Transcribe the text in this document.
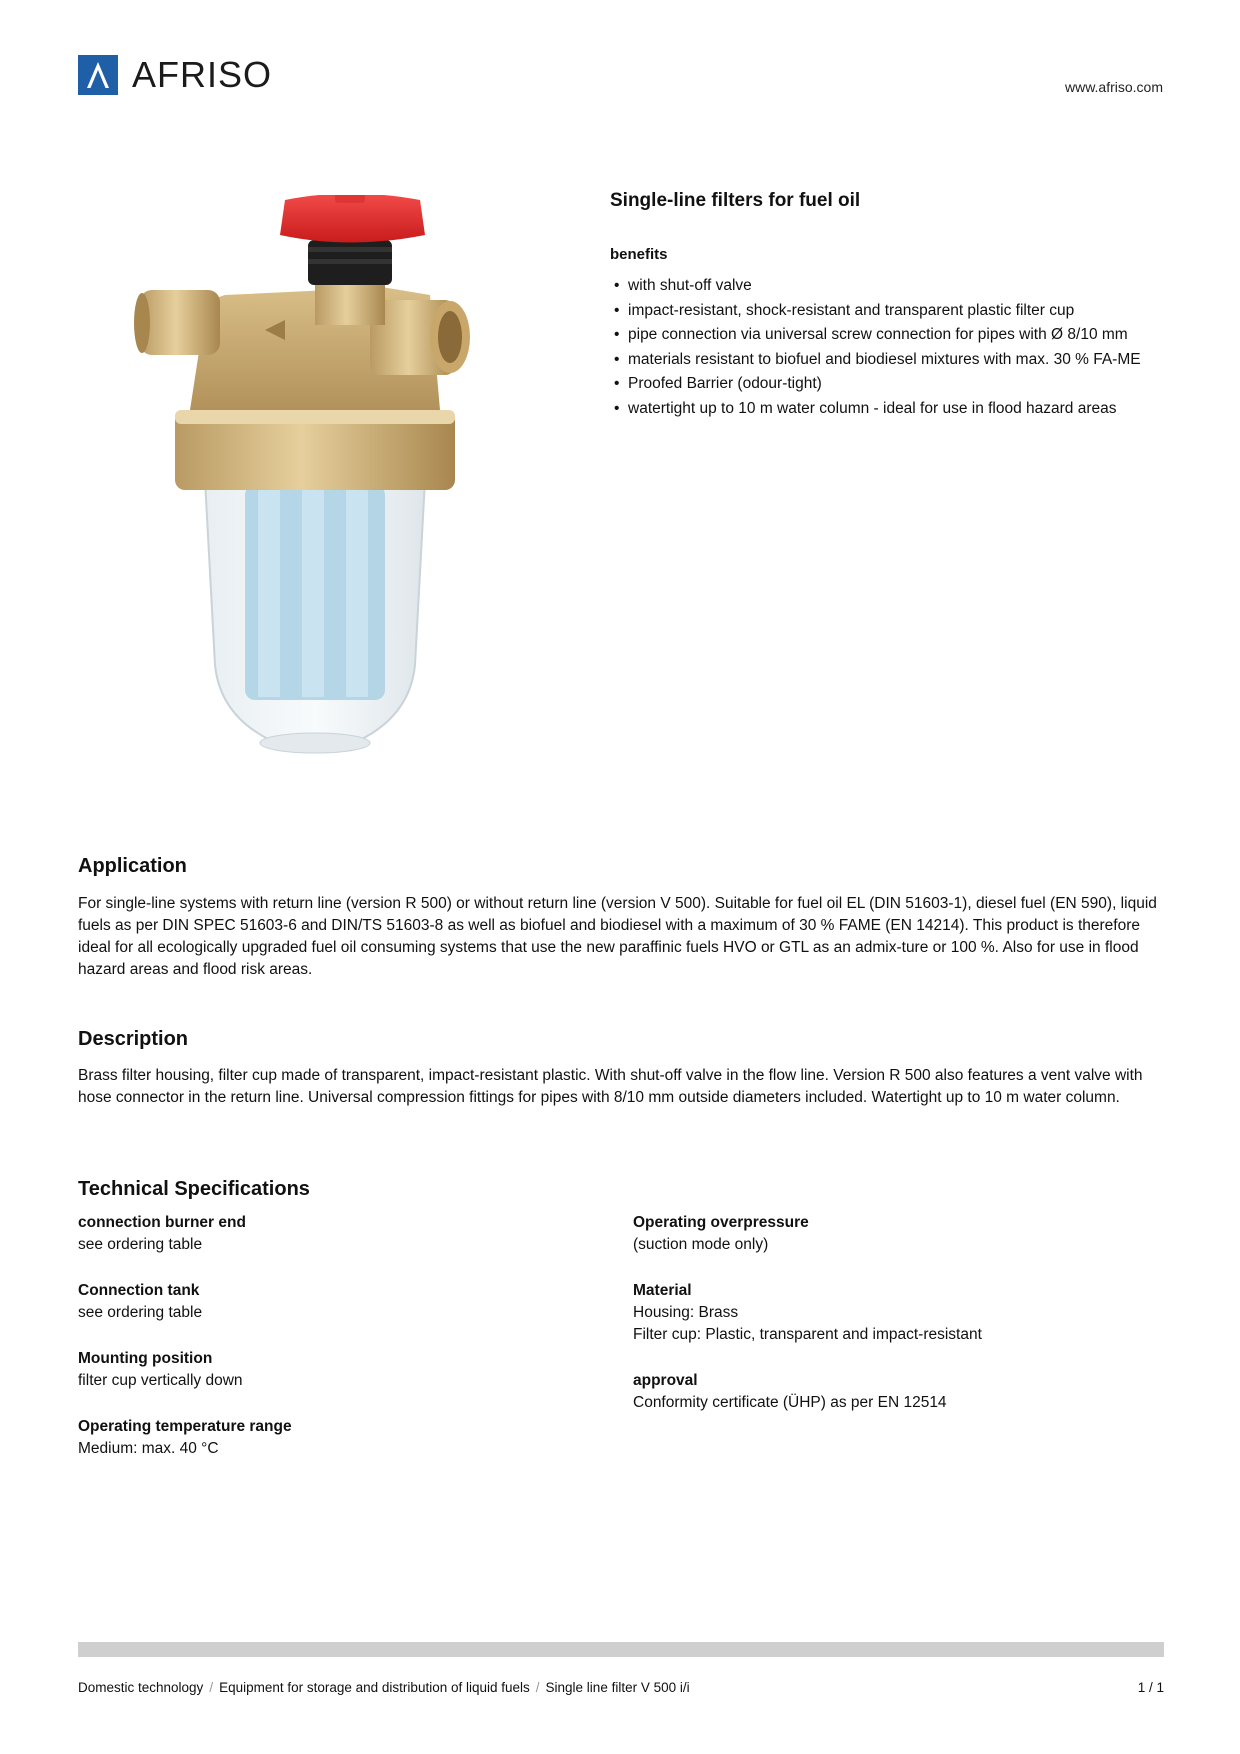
AFRISO	www.afriso.com
Single-line filters for fuel oil
benefits
• with shut-off valve
• impact-resistant, shock-resistant and transparent plastic filter cup
• pipe connection via universal screw connection for pipes with Ø 8/10 mm
• materials resistant to biofuel and biodiesel mixtures with max. 30 % FA-ME
• Proofed Barrier (odour-tight)
• watertight up to 10 m water column - ideal for use in flood hazard areas
Application
For single-line systems with return line (version R 500) or without return line (version V 500). Suitable for fuel oil EL (DIN 51603-1), diesel fuel (EN 590), liquid fuels as per DIN SPEC 51603-6 and DIN/TS 51603-8 as well as biofuel and biodiesel with a maximum of 30 % FAME (EN 14214). This product is therefore ideal for all ecologically upgraded fuel oil consuming systems that use the new paraffinic fuels HVO or GTL as an admix-ture or 100 %. Also for use in flood hazard areas and flood risk areas.
Description
Brass filter housing, filter cup made of transparent, impact-resistant plastic. With shut-off valve in the flow line. Version R 500 also features a vent valve with hose connector in the return line. Universal compression fittings for pipes with 8/10 mm outside diameters included. Watertight up to 10 m water column.
Technical Specifications
connection burner end
see ordering table
Connection tank
see ordering table
Mounting position
filter cup vertically down
Operating temperature range
Medium: max. 40 °C
Operating overpressure
(suction mode only)
Material
Housing: Brass
Filter cup: Plastic, transparent and impact-resistant
approval
Conformity certificate (ÜHP) as per EN 12514
Domestic technology / Equipment for storage and distribution of liquid fuels / Single line filter V 500 i/i	1 / 1
